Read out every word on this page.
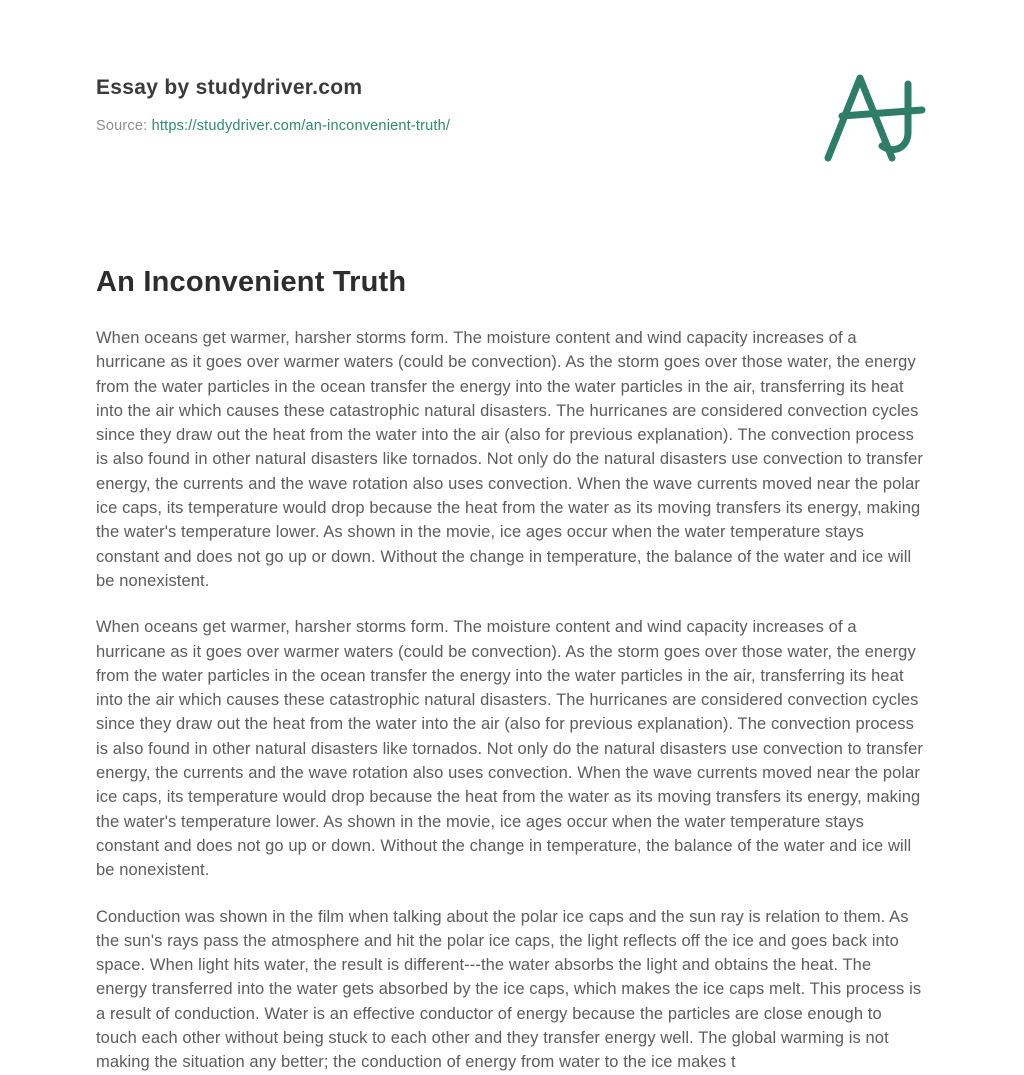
Essay by studydriver.com
Source: https://studydriver.com/an-inconvenient-truth/
An Inconvenient Truth

When oceans get warmer, harsher storms form. The moisture content and wind capacity increases of a hurricane as it goes over warmer waters (could be convection). As the storm goes over those water, the energy from the water particles in the ocean transfer the energy into the water particles in the air, transferring its heat into the air which causes these catastrophic natural disasters. The hurricanes are considered convection cycles since they draw out the heat from the water into the air (also for previous explanation). The convection process is also found in other natural disasters like tornados. Not only do the natural disasters use convection to transfer energy, the currents and the wave rotation also uses convection. When the wave currents moved near the polar ice caps, its temperature would drop because the heat from the water as its moving transfers its energy, making the water's temperature lower. As shown in the movie, ice ages occur when the water temperature stays constant and does not go up or down. Without the change in temperature, the balance of the water and ice will be nonexistent.

When oceans get warmer, harsher storms form. The moisture content and wind capacity increases of a hurricane as it goes over warmer waters (could be convection). As the storm goes over those water, the energy from the water particles in the ocean transfer the energy into the water particles in the air, transferring its heat into the air which causes these catastrophic natural disasters. The hurricanes are considered convection cycles since they draw out the heat from the water into the air (also for previous explanation). The convection process is also found in other natural disasters like tornados. Not only do the natural disasters use convection to transfer energy, the currents and the wave rotation also uses convection. When the wave currents moved near the polar ice caps, its temperature would drop because the heat from the water as its moving transfers its energy, making the water's temperature lower. As shown in the movie, ice ages occur when the water temperature stays constant and does not go up or down. Without the change in temperature, the balance of the water and ice will be nonexistent.

Conduction was shown in the film when talking about the polar ice caps and the sun ray is relation to them. As the sun's rays pass the atmosphere and hit the polar ice caps, the light reflects off the ice and goes back into space. When light hits water, the result is different---the water absorbs the light and obtains the heat. The energy transferred into the water gets absorbed by the ice caps, which makes the ice caps melt. This process is a result of conduction. Water is an effective conductor of energy because the particles are close enough to touch each other without being stuck to each other and they transfer energy well. The global warming is not making the situation any better; the conduction of energy from water to the ice makes t
